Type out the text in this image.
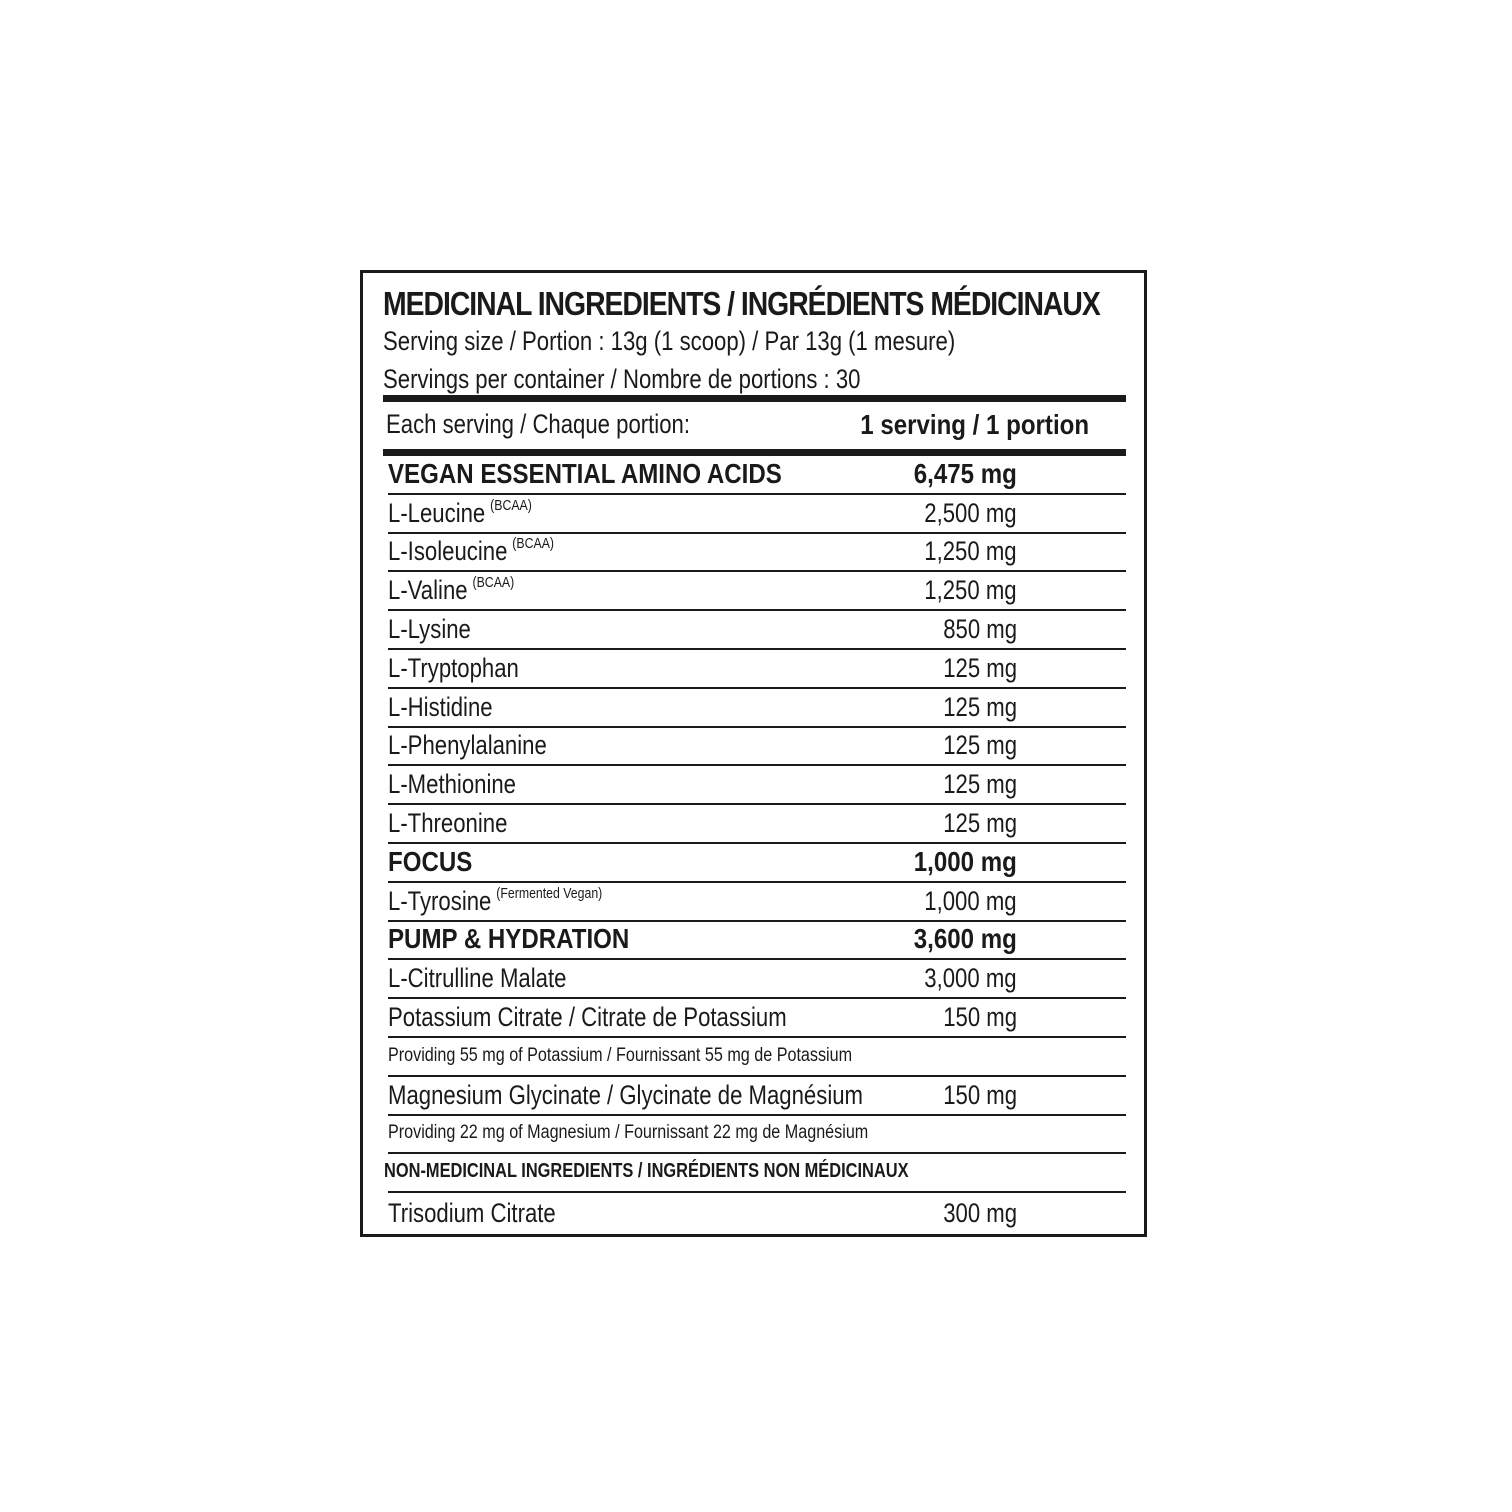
MEDICINAL INGREDIENTS / INGRÉDIENTS MÉDICINAUX
Serving size / Portion : 13g (1 scoop) / Par 13g (1 mesure)
Servings per container / Nombre de portions : 30
Each serving / Chaque portion:	1 serving / 1 portion
VEGAN ESSENTIAL AMINO ACIDS	6,475 mg
L-Leucine $^{(BCAA)}$	2,500 mg
L-Isoleucine $^{(BCAA)}$	1,250 mg
L-Valine $^{(BCAA)}$	1,250 mg
L-Lysine	850 mg
L-Tryptophan	125 mg
L-Histidine	125 mg
L-Phenylalanine	125 mg
L-Methionine	125 mg
L-Threonine	125 mg
FOCUS	1,000 mg
L-Tyrosine $^{(Fermented Vegan)}$	1,000 mg
PUMP & HYDRATION	3,600 mg
L-Citrulline Malate	3,000 mg
Potassium Citrate / Citrate de Potassium	150 mg
Providing 55 mg of Potassium / Fournissant 55 mg de Potassium
Magnesium Glycinate / Glycinate de Magnésium	150 mg
Providing 22 mg of Magnesium / Fournissant 22 mg de Magnésium
NON-MEDICINAL INGREDIENTS / INGRÉDIENTS NON MÉDICINAUX
Trisodium Citrate	300 mg
